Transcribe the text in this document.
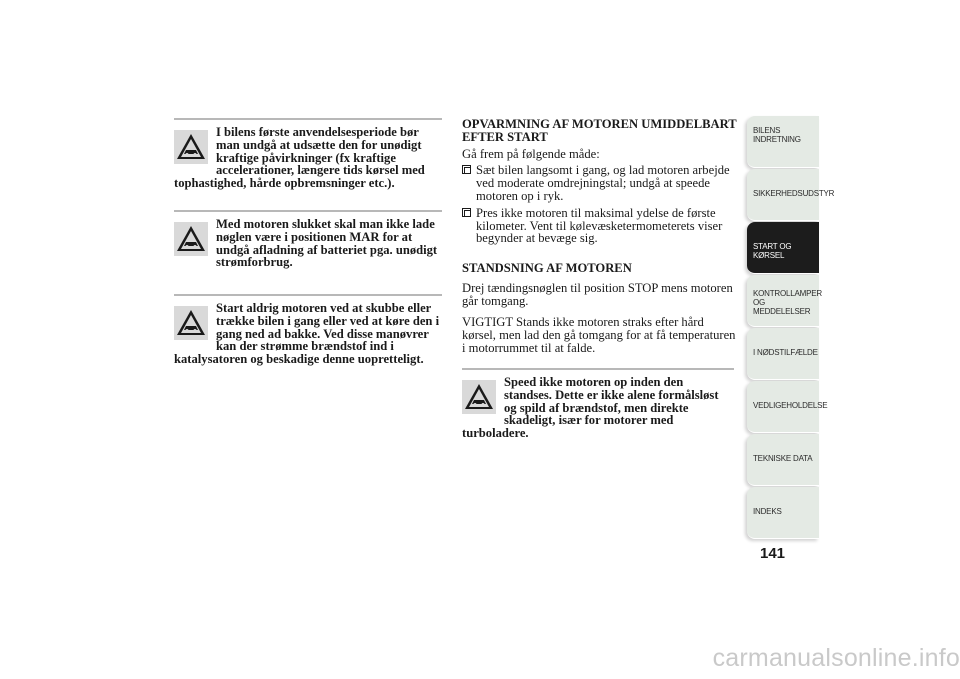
I bilens første anvendelsesperiode bør man undgå at udsætte den for unødigt kraftige påvirkninger (fx kraftige accelerationer, længere tids kørsel med tophastighed, hårde opbremsninger etc.).

Med motoren slukket skal man ikke lade nøglen være i positionen MAR for at undgå afladning af batteriet pga. unødigt strømforbrug.

Start aldrig motoren ved at skubbe eller trække bilen i gang eller ved at køre den i gang ned ad bakke. Ved disse manøvrer kan der strømme brændstof ind i katalysatoren og beskadige denne uopretteligt.

OPVARMNING AF MOTOREN UMIDDELBART EFTER START

Gå frem på følgende måde:

Sæt bilen langsomt i gang, og lad motoren arbejde ved moderate omdrejningstal; undgå at speede motoren op i ryk.

Pres ikke motoren til maksimal ydelse de første kilometer. Vent til kølevæsketermometerets viser begynder at bevæge sig.

STANDSNING AF MOTOREN

Drej tændingsnøglen til position STOP mens motoren går tomgang.

VIGTIGT Stands ikke motoren straks efter hård kørsel, men lad den gå tomgang for at få temperaturen i motorrummet til at falde.

Speed ikke motoren op inden den standses. Dette er ikke alene formålsløst og spild af brændstof, men direkte skadeligt, især for motorer med turboladere.

BILENS INDRETNING
SIKKERHEDSUDSTYR
START OG KØRSEL
KONTROLLAMPER OG MEDDELELSER
I NØDSTILFÆLDE
VEDLIGEHOLDELSE
TEKNISKE DATA
INDEKS
141
carmanualsonline.info
